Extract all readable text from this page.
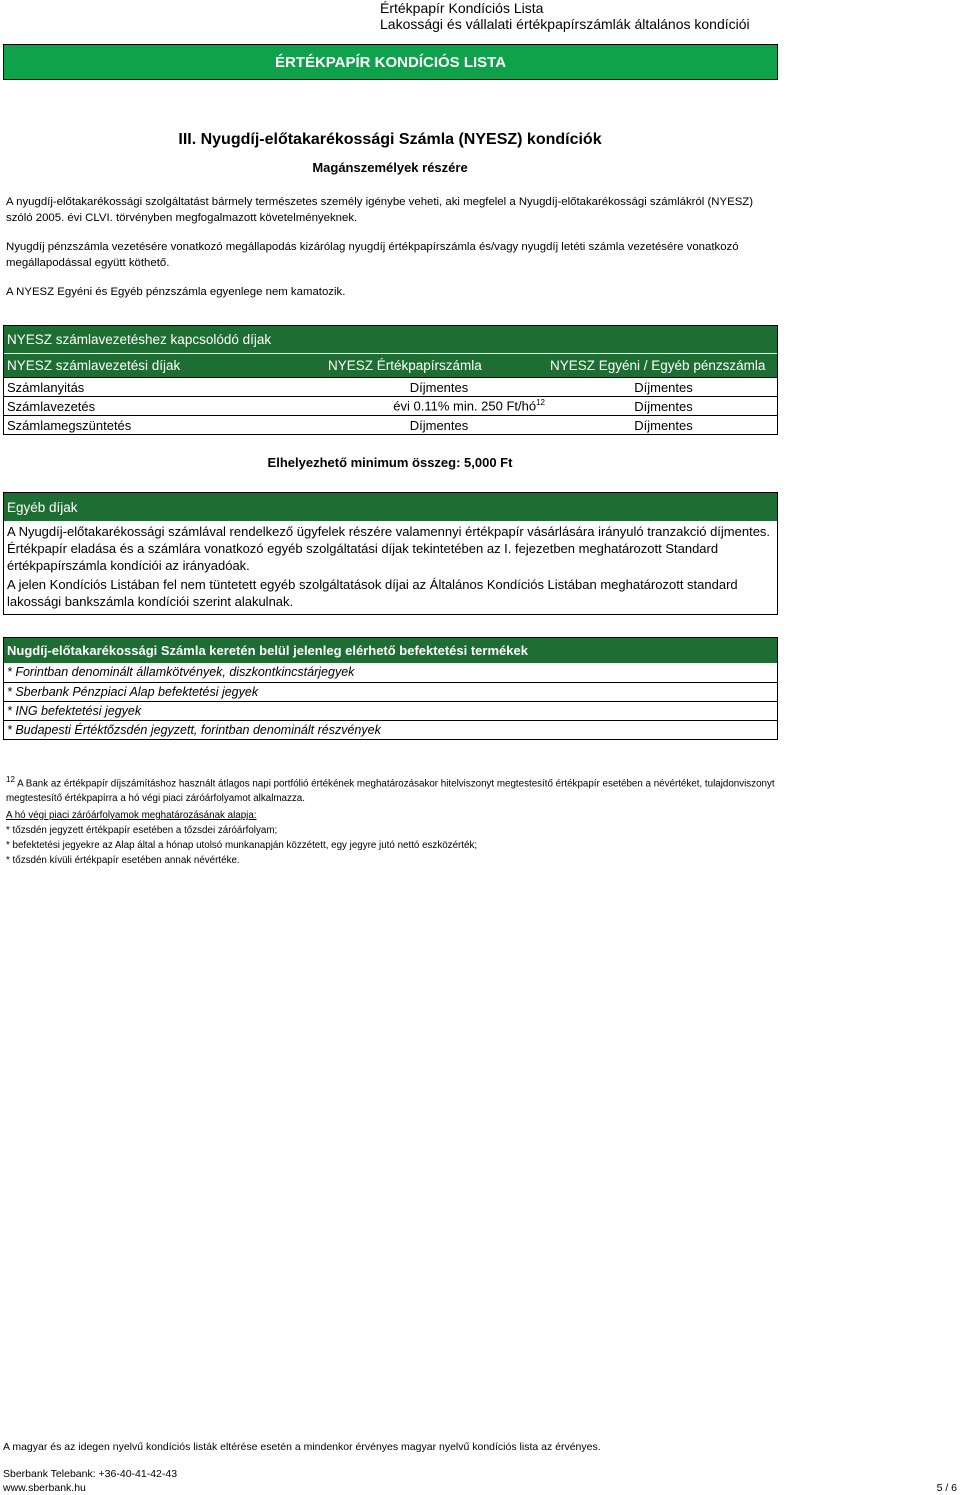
Értékpapír Kondíciós Lista
Lakossági és vállalati értékpapírszámlák általános kondíciói
ÉRTÉKPAPÍR KONDÍCIÓS LISTA
III. Nyugdíj-előtakarékossági Számla (NYESZ) kondíciók
Magánszemélyek részére
A nyugdíj-előtakarékossági szolgáltatást bármely természetes személy igénybe veheti, aki megfelel a Nyugdíj-előtakarékossági számlákról (NYESZ) szóló 2005. évi CLVI. törvényben megfogalmazott követelményeknek.
Nyugdíj pénzszámla vezetésére vonatkozó megállapodás kizárólag nyugdíj értékpapírszámla és/vagy nyugdíj letéti számla vezetésére vonatkozó megállapodással együtt köthető.
A NYESZ Egyéni és Egyéb pénzszámla egyenlege nem kamatozik.
NYESZ számlavezetéshez kapcsolódó díjak
NYESZ számlavezetési díjak	NYESZ Értékpapírszámla	NYESZ Egyéni / Egyéb pénzszámla
Számlanyitás	Díjmentes	Díjmentes
Számlavezetés	évi 0.11% min. 250 $Ft/hó^{12}$	Díjmentes
Számlamegszüntetés	Díjmentes	Díjmentes
Elhelyezhető minimum összeg: 5,000 Ft
Egyéb díjak
A Nyugdíj-előtakarékossági számlával rendelkező ügyfelek részére valamennyi értékpapír vásárlására irányuló tranzakció díjmentes. Értékpapír eladása és a számlára vonatkozó egyéb szolgáltatási díjak tekintetében az I. fejezetben meghatározott Standard értékpapírszámla kondíciói az irányadóak.
A jelen Kondíciós Listában fel nem tüntetett egyéb szolgáltatások díjai az Általános Kondíciós Listában meghatározott standard lakossági bankszámla kondíciói szerint alakulnak.
Nugdíj-előtakarékossági Számla keretén belül jelenleg elérhető befektetési termékek
* Forintban denominált államkötvények, diszkontkincstárjegyek
* Sberbank Pénzpiaci Alap befektetési jegyek
* ING befektetési jegyek
* Budapesti Értéktőzsdén jegyzett, forintban denominált részvények
$^{12}$ A Bank az értékpapír díjszámításhoz használt átlagos napi portfólió értékének meghatározásakor hitelviszonyt megtestesítő értékpapír esetében a névértéket, tulajdonviszonyt megtestesítő értékpapírra a hó végi piaci záróárfolyamot alkalmazza.
A hó végi piaci záróárfolyamok meghatározásának alapja:
* tőzsdén jegyzett értékpapír esetében a tőzsdei záróárfolyam;
* befektetési jegyekre az Alap által a hónap utolsó munkanapján közzétett, egy jegyre jutó nettó eszközérték;
* tőzsdén kívüli értékpapír esetében annak névértéke.
A magyar és az idegen nyelvű kondíciós listák eltérése esetén a mindenkor érvényes magyar nyelvű kondíciós lista az érvényes.
Sberbank Telebank: +36-40-41-42-43
www.sberbank.hu	5 / 6
